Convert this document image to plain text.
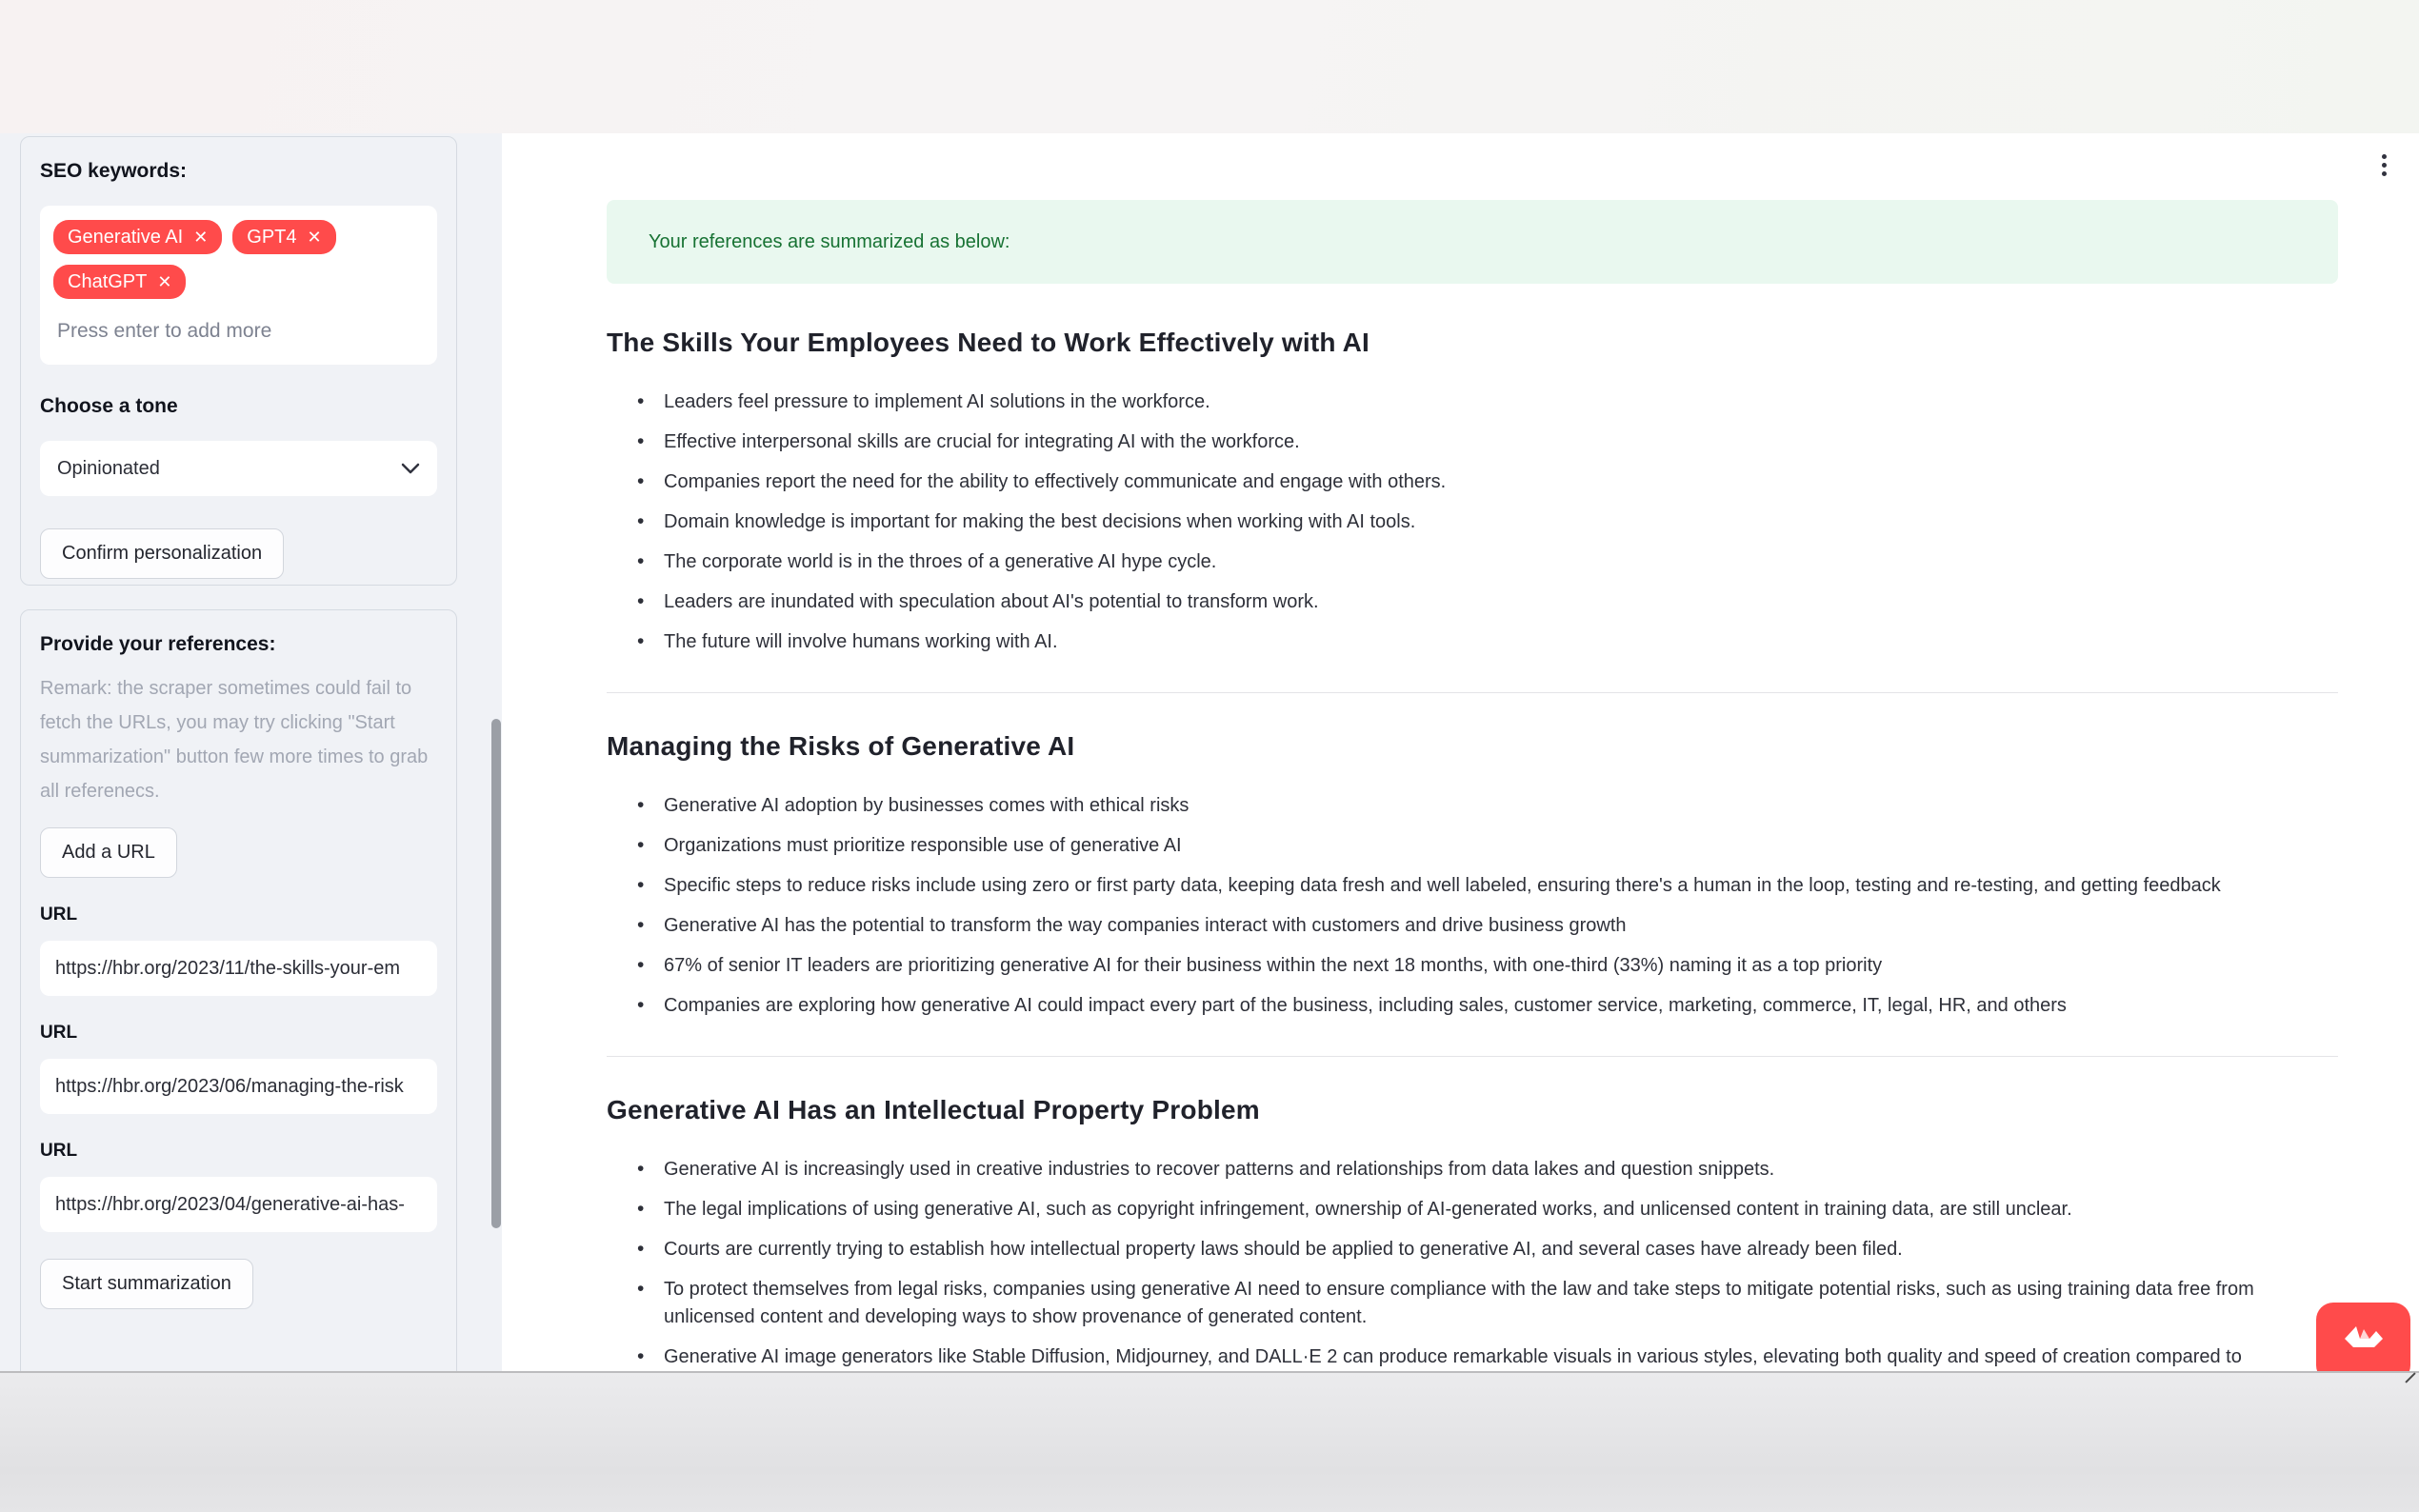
SEO keywords:
Generative AI ✕ GPT4 ✕
ChatGPT ✕
Press enter to add more
Choose a tone
Opinionated
Confirm personalization
Provide your references:
Remark: the scraper sometimes could fail to fetch the URLs, you may try clicking "Start summarization" button few more times to grab all referenecs.
Add a URL
URL
https://hbr.org/2023/11/the-skills-your-em
URL
https://hbr.org/2023/06/managing-the-risk
URL
https://hbr.org/2023/04/generative-ai-has-
Start summarization
Your references are summarized as below:
The Skills Your Employees Need to Work Effectively with AI
• Leaders feel pressure to implement AI solutions in the workforce.
• Effective interpersonal skills are crucial for integrating AI with the workforce.
• Companies report the need for the ability to effectively communicate and engage with others.
• Domain knowledge is important for making the best decisions when working with AI tools.
• The corporate world is in the throes of a generative AI hype cycle.
• Leaders are inundated with speculation about AI's potential to transform work.
• The future will involve humans working with AI.
Managing the Risks of Generative AI
• Generative AI adoption by businesses comes with ethical risks
• Organizations must prioritize responsible use of generative AI
• Specific steps to reduce risks include using zero or first party data, keeping data fresh and well labeled, ensuring there's a human in the loop, testing and re-testing, and getting feedback
• Generative AI has the potential to transform the way companies interact with customers and drive business growth
• 67% of senior IT leaders are prioritizing generative AI for their business within the next 18 months, with one-third (33%) naming it as a top priority
• Companies are exploring how generative AI could impact every part of the business, including sales, customer service, marketing, commerce, IT, legal, HR, and others
Generative AI Has an Intellectual Property Problem
• Generative AI is increasingly used in creative industries to recover patterns and relationships from data lakes and question snippets.
• The legal implications of using generative AI, such as copyright infringement, ownership of AI-generated works, and unlicensed content in training data, are still unclear.
• Courts are currently trying to establish how intellectual property laws should be applied to generative AI, and several cases have already been filed.
• To protect themselves from legal risks, companies using generative AI need to ensure compliance with the law and take steps to mitigate potential risks, such as using training data free from unlicensed content and developing ways to show provenance of generated content.
• Generative AI image generators like Stable Diffusion, Midjourney, and DALL·E 2 can produce remarkable visuals in various styles, elevating both quality and speed of creation compared to
